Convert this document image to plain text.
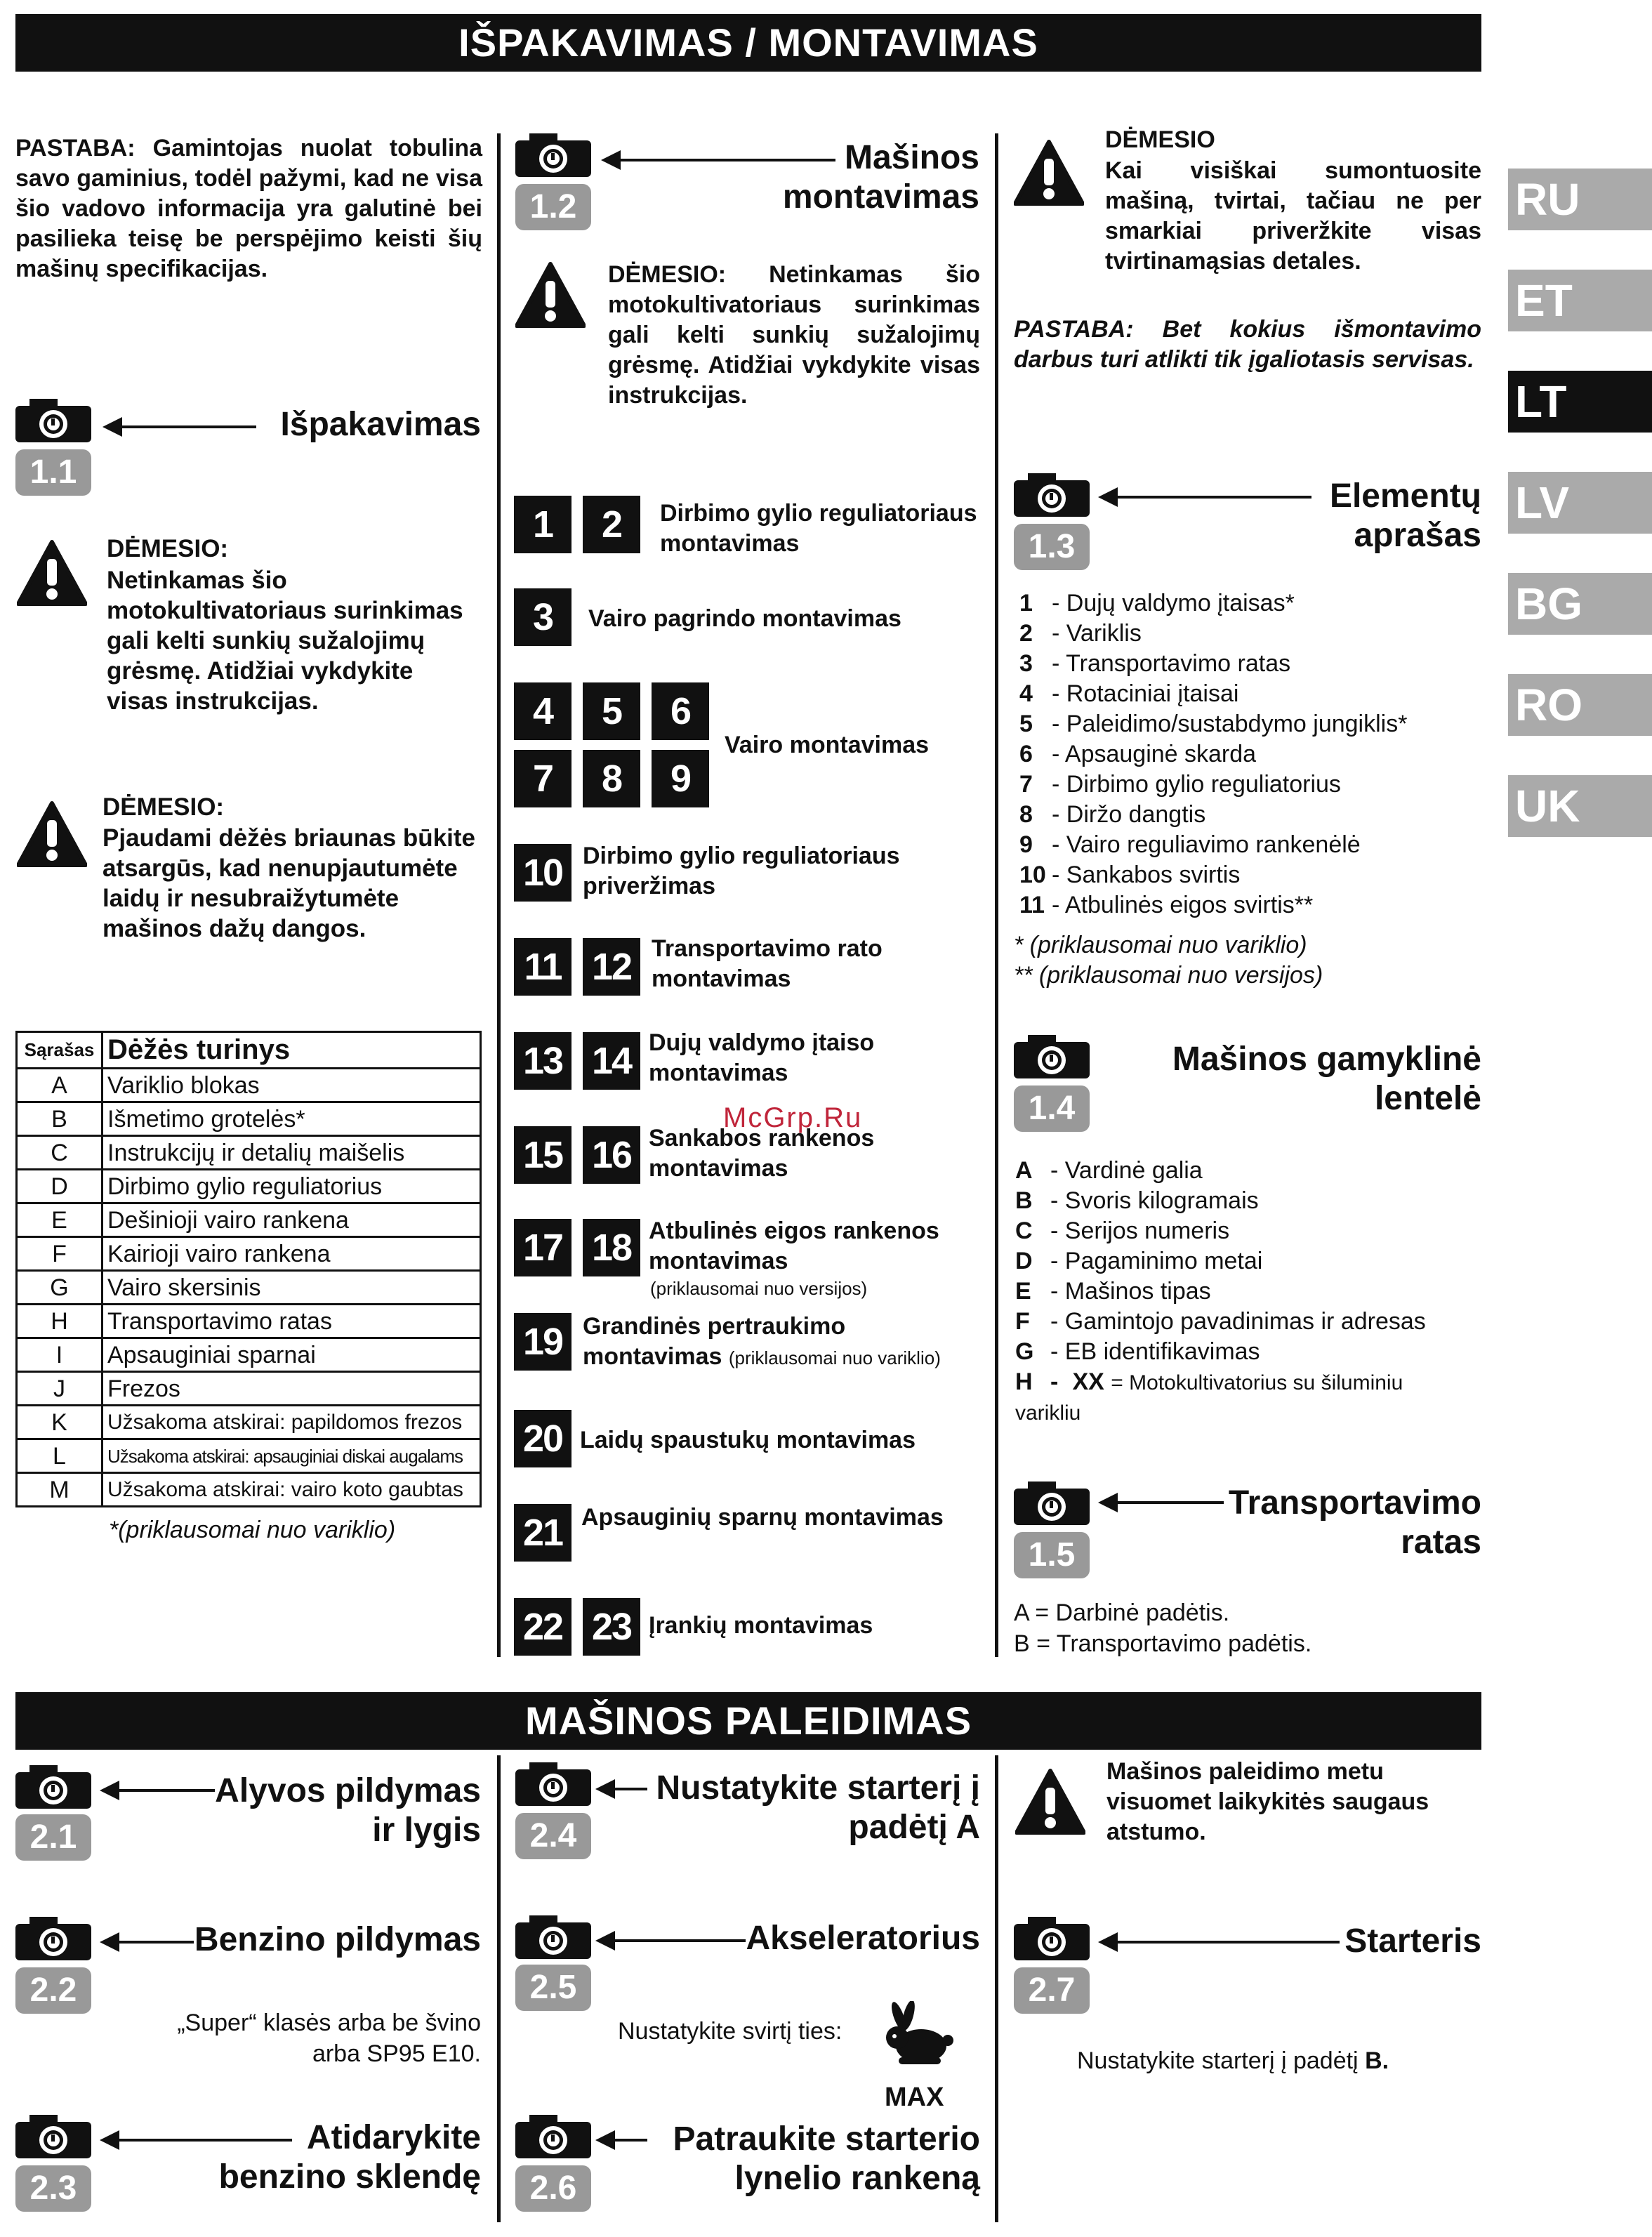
IŠPAKAVIMAS / MONTAVIMAS
RU
ET
LT
LV
BG
RO
UK
PASTABA: Gamintojas nuolat tobulina savo gaminius, todėl pažymi, kad ne visa šio vadovo informacija yra galutinė bei pasilieka teisę be perspėjimo keisti šių mašinų specifikacijas.
1.1
Išpakavimas
DĖMESIO:
Netinkamas šio motokultivatoriaus surinkimas gali kelti sunkių sužalojimų grėsmę. Atidžiai vykdykite visas instrukcijas.
DĖMESIO:
Pjaudami dėžės briaunas būkite atsargūs, kad nenupjautumėte laidų ir nesubraižytumėte mašinos dažų dangos.
Sąrašas	Dėžės turinys
A	Variklio blokas
B	Išmetimo grotelės*
C	Instrukcijų ir detalių maišelis
D	Dirbimo gylio reguliatorius
E	Dešinioji vairo rankena
F	Kairioji vairo rankena
G	Vairo skersinis
H	Transportavimo ratas
I	Apsauginiai sparnai
J	Frezos
K	Užsakoma atskirai: papildomos frezos
L	Užsakoma atskirai: apsauginiai diskai augalams
M	Užsakoma atskirai: vairo koto gaubtas
*(priklausomai nuo variklio)
1.2
Mašinos
montavimas
DĖMESIO: Netinkamas šio motokultivatoriaus surinkimas gali kelti sunkių sužalojimų grėsmę. Atidžiai vykdykite visas instrukcijas.
1	2	Dirbimo gylio reguliatoriaus montavimas
3	Vairo pagrindo montavimas
4	5	6
7	8	9
Vairo montavimas
10 Dirbimo gylio reguliatoriaus priveržimas
11 12 Transportavimo rato montavimas
13 14 Dujų valdymo įtaiso montavimas
McGrp.Ru
15 16 Sankabos rankenos montavimas
17 18 Atbulinės eigos rankenos montavimas
(priklausomai nuo versijos)
19 Grandinės pertraukimo montavimas (priklausomai nuo variklio)
20 Laidų spaustukų montavimas
21 Apsauginių sparnų montavimas
22 23 Įrankių montavimas
DĖMESIO
Kai visiškai sumontuosite mašiną, tvirtai, tačiau ne per smarkiai priveržkite visas tvirtinamąsias detales.
PASTABA: Bet kokius išmontavimo darbus turi atlikti tik įgaliotasis servisas.
1.3
Elementų
aprašas
1 - Dujų valdymo įtaisas*
2 - Variklis
3 - Transportavimo ratas
4 - Rotaciniai įtaisai
5 - Paleidimo/sustabdymo jungiklis*
6 - Apsauginė skarda
7 - Dirbimo gylio reguliatorius
8 - Diržo dangtis
9 - Vairo reguliavimo rankenėlė
10 - Sankabos svirtis
11 - Atbulinės eigos svirtis**
* (priklausomai nuo variklio)
** (priklausomai nuo versijos)
1.4
Mašinos gamyklinė
lentelė
A - Vardinė galia
B - Svoris kilogramais
C - Serijos numeris
D - Pagaminimo metai
E - Mašinos tipas
F - Gamintojo pavadinimas ir adresas
G - EB identifikavimas
H - XX = Motokultivatorius su šiluminiu
varikliu
1.5
Transportavimo
ratas
A = Darbinė padėtis.
B = Transportavimo padėtis.
MAŠINOS PALEIDIMAS
2.1
Alyvos pildymas
ir lygis
2.2
Benzino pildymas
„Super“ klasės arba be švino
arba SP95 E10.
2.3
Atidarykite
benzino sklendę
2.4
Nustatykite starterį į
padėtį A
2.5
Akseleratorius
Nustatykite svirtį ties:
MAX
2.6
Patraukite starterio
lynelio rankeną
Mašinos paleidimo metu visuomet laikykitės saugaus atstumo.
2.7
Starteris
Nustatykite starterį į padėtį B.
